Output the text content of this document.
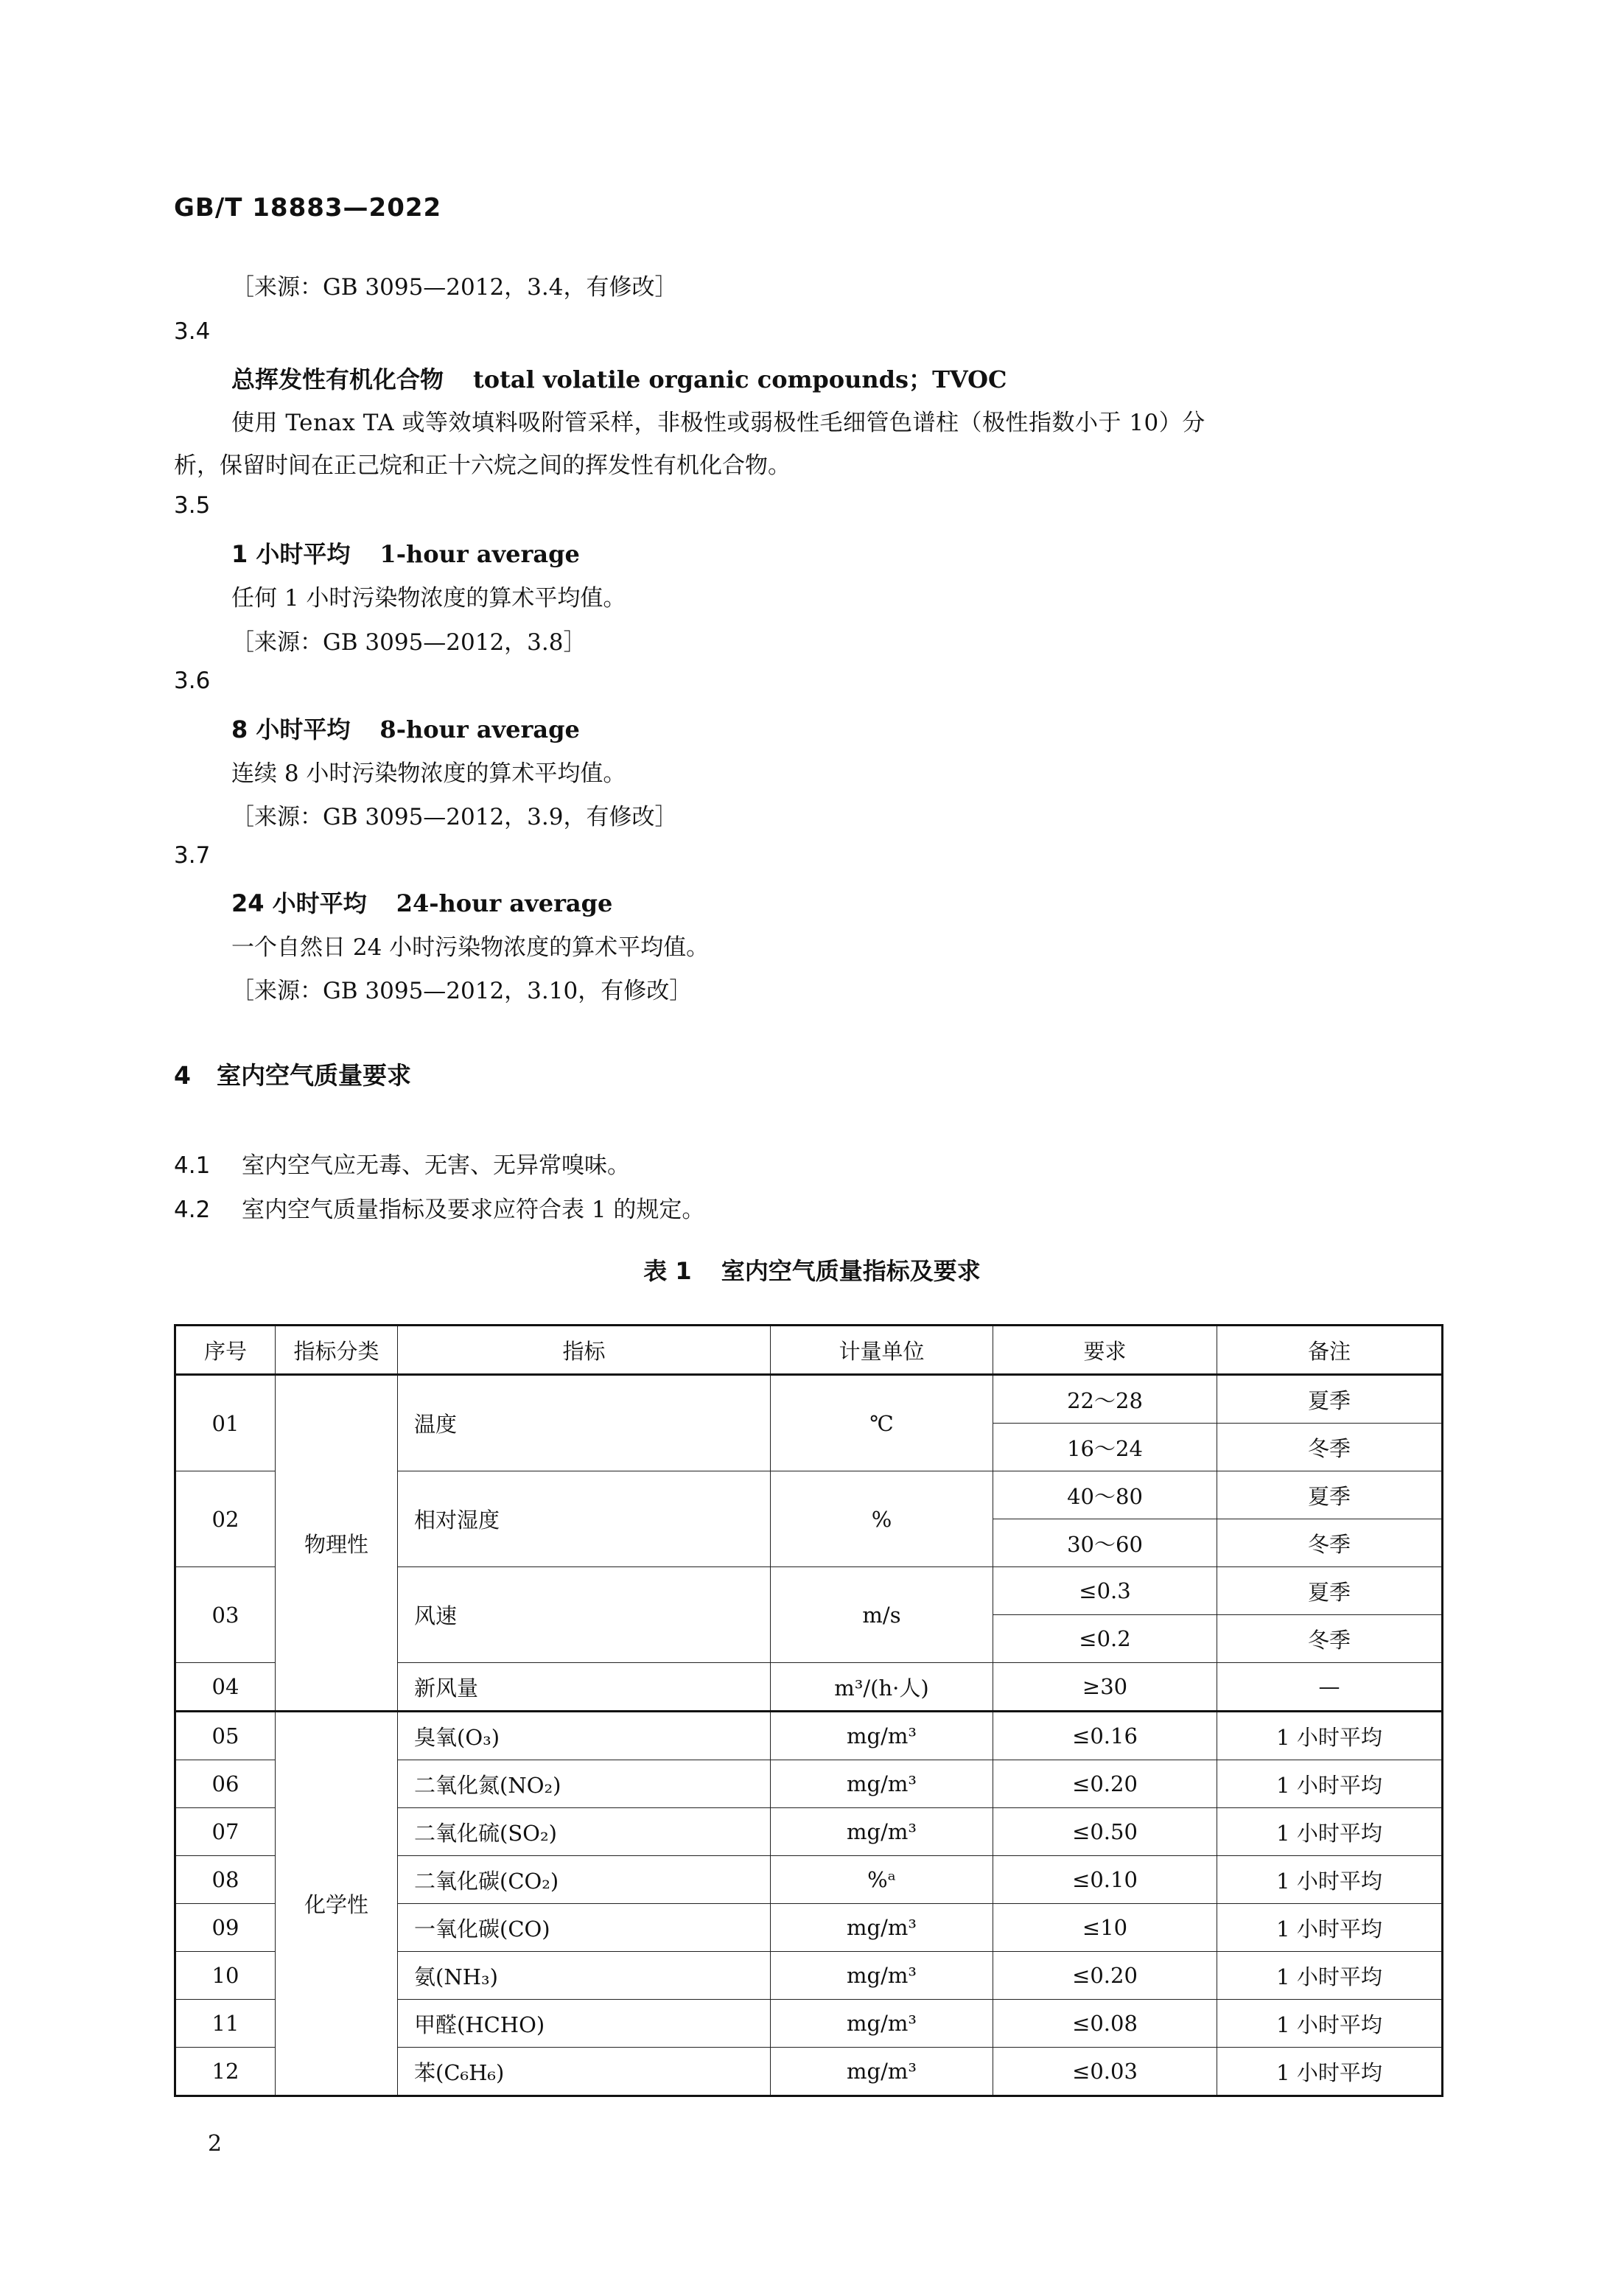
GB/T 18883—2022
［来源：GB 3095—2012，3.4，有修改］
3.4
总挥发性有机化合物 total volatile organic compounds；TVOC
使用 Tenax TA 或等效填料吸附管采样，非极性或弱极性毛细管色谱柱（极性指数小于 10）分
析，保留时间在正己烷和正十六烷之间的挥发性有机化合物。
3.5
1 小时平均 1-hour average
任何 1 小时污染物浓度的算术平均值。
［来源：GB 3095—2012，3.8］
3.6
8 小时平均 8-hour average
连续 8 小时污染物浓度的算术平均值。
［来源：GB 3095—2012，3.9，有修改］
3.7
24 小时平均 24-hour average
一个自然日 24 小时污染物浓度的算术平均值。
［来源：GB 3095—2012，3.10，有修改］
4 室内空气质量要求
4.1 室内空气应无毒、无害、无异常嗅味。
4.2 室内空气质量指标及要求应符合表 1 的规定。
表 1 室内空气质量指标及要求
序号	指标分类	指标	计量单位	要求	备注
01	物理性	温度	℃	22～28	夏季
				16～24	冬季
02		相对湿度	%	40～80	夏季
				30～60	冬季
03		风速	m/s	≤0.3	夏季
				≤0.2	冬季
04		新风量	m³/(h·人)	≥30	—
05	化学性	臭氧(O₃)	mg/m³	≤0.16	1 小时平均
06		二氧化氮(NO₂)	mg/m³	≤0.20	1 小时平均
07		二氧化硫(SO₂)	mg/m³	≤0.50	1 小时平均
08		二氧化碳(CO₂)	%ᵃ	≤0.10	1 小时平均
09		一氧化碳(CO)	mg/m³	≤10	1 小时平均
10		氨(NH₃)	mg/m³	≤0.20	1 小时平均
11		甲醛(HCHO)	mg/m³	≤0.08	1 小时平均
12		苯(C₆H₆)	mg/m³	≤0.03	1 小时平均
2
